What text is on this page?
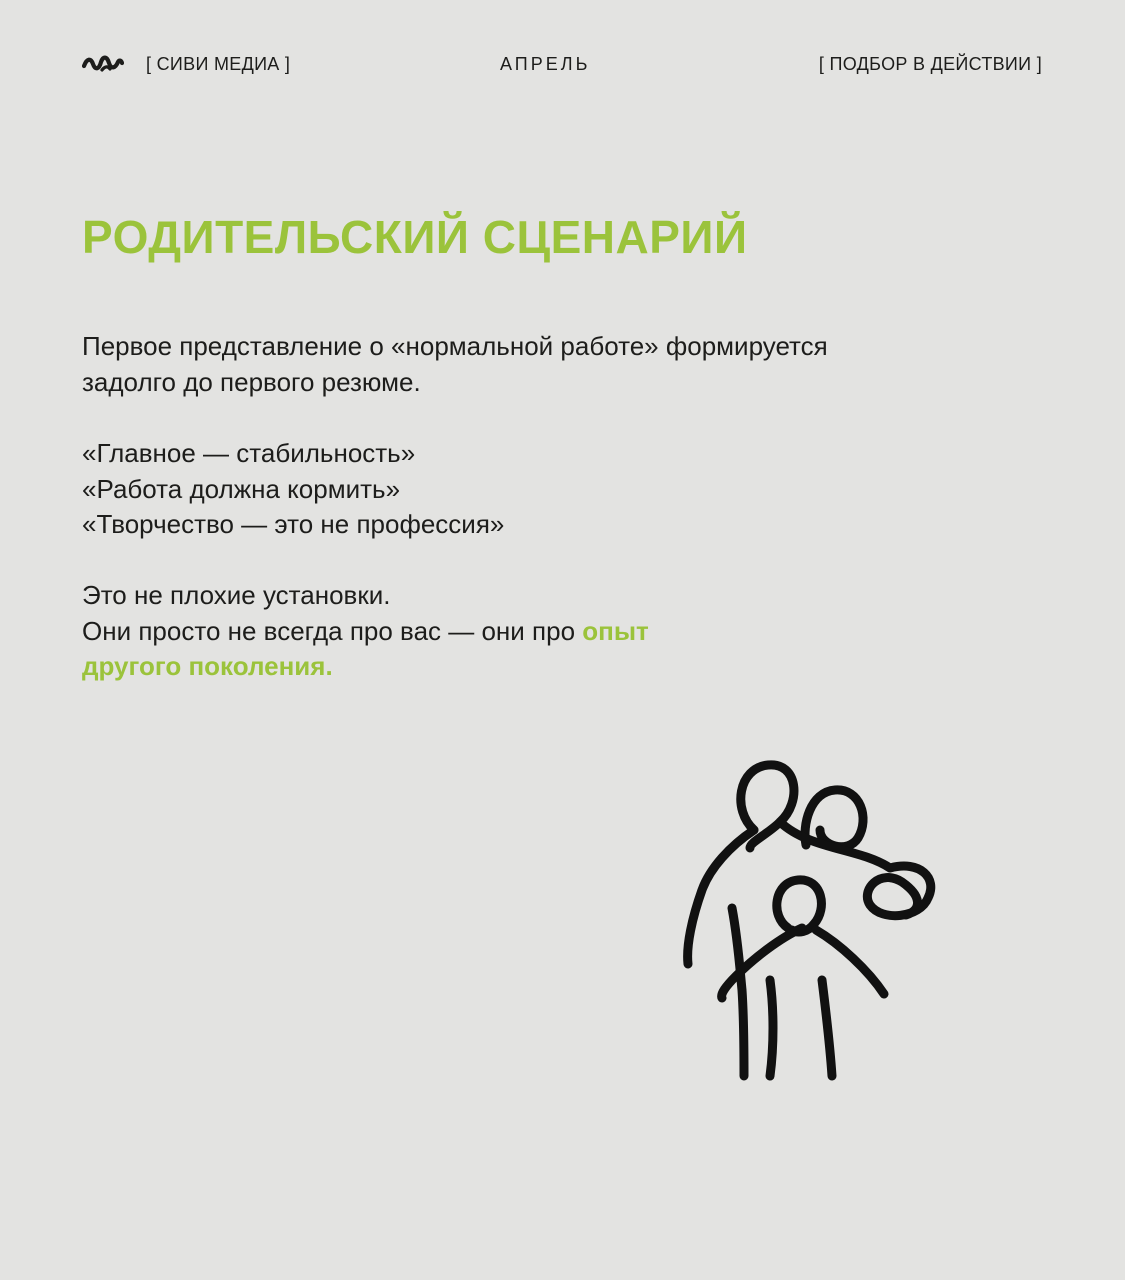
[ СИВИ МЕДИА ]	АПРЕЛЬ	[ ПОДБОР В ДЕЙСТВИИ ]
РОДИТЕЛЬСКИЙ СЦЕНАРИЙ

Первое представление о «нормальной работе» формируется
задолго до первого резюме.

«Главное — стабильность»
«Работа должна кормить»
«Творчество — это не профессия»

Это не плохие установки.
Они просто не всегда про вас — они про опыт
другого поколения.
